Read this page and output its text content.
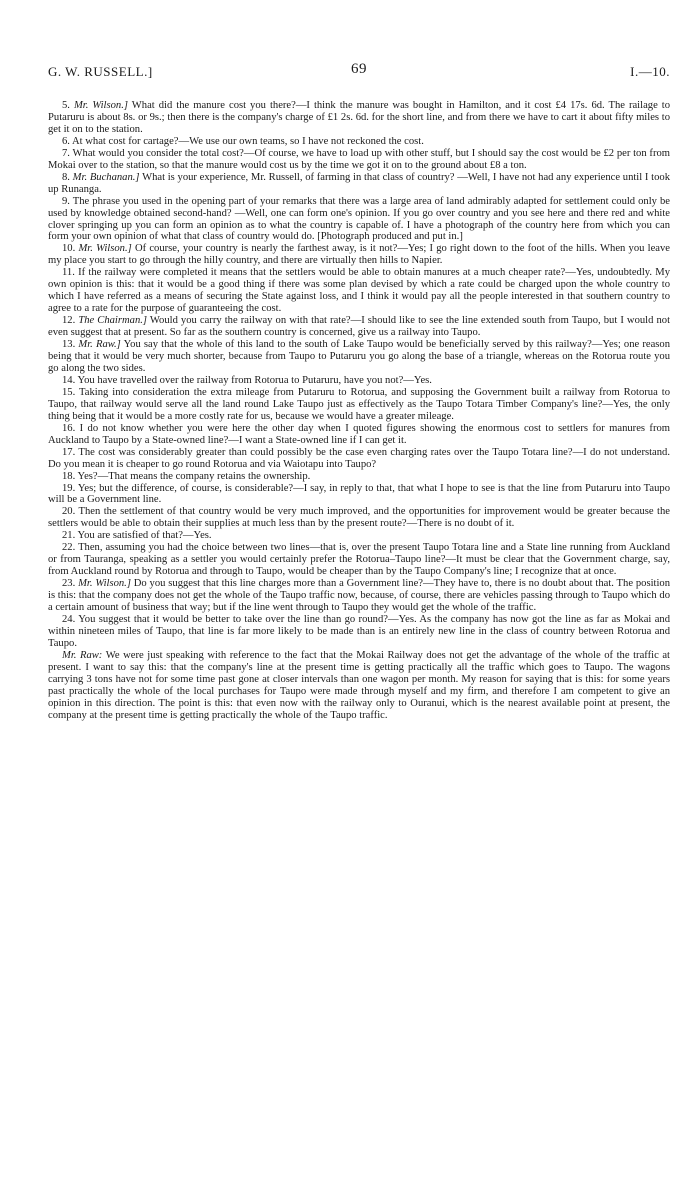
G. W. RUSSELL.]	69	I.—10.

5. Mr. Wilson.] What did the manure cost you there?—I think the manure was bought in Hamilton, and it cost £4 17s. 6d. The railage to Putaruru is about 8s. or 9s.; then there is the company's charge of £1 2s. 6d. for the short line, and from there we have to cart it about fifty miles to get it on to the station.

6. At what cost for cartage?—We use our own teams, so I have not reckoned the cost.

7. What would you consider the total cost?—Of course, we have to load up with other stuff, but I should say the cost would be £2 per ton from Mokai over to the station, so that the manure would cost us by the time we got it on to the ground about £8 a ton.

8. Mr. Buchanan.] What is your experience, Mr. Russell, of farming in that class of country? —Well, I have not had any experience until I took up Runanga.

9. The phrase you used in the opening part of your remarks that there was a large area of land admirably adapted for settlement could only be used by knowledge obtained second-hand? —Well, one can form one's opinion. If you go over country and you see here and there red and white clover springing up you can form an opinion as to what the country is capable of. I have a photograph of the country here from which you can form your own opinion of what that class of country would do. [Photograph produced and put in.]

10. Mr. Wilson.] Of course, your country is nearly the farthest away, is it not?—Yes; I go right down to the foot of the hills. When you leave my place you start to go through the hilly country, and there are virtually then hills to Napier.

11. If the railway were completed it means that the settlers would be able to obtain manures at a much cheaper rate?—Yes, undoubtedly. My own opinion is this: that it would be a good thing if there was some plan devised by which a rate could be charged upon the whole country to which I have referred as a means of securing the State against loss, and I think it would pay all the people interested in that southern country to agree to a rate for the purpose of guaranteeing the cost.

12. The Chairman.] Would you carry the railway on with that rate?—I should like to see the line extended south from Taupo, but I would not even suggest that at present. So far as the southern country is concerned, give us a railway into Taupo.

13. Mr. Raw.] You say that the whole of this land to the south of Lake Taupo would be beneficially served by this railway?—Yes; one reason being that it would be very much shorter, because from Taupo to Putaruru you go along the base of a triangle, whereas on the Rotorua route you go along the two sides.

14. You have travelled over the railway from Rotorua to Putaruru, have you not?—Yes.

15. Taking into consideration the extra mileage from Putaruru to Rotorua, and supposing the Government built a railway from Rotorua to Taupo, that railway would serve all the land round Lake Taupo just as effectively as the Taupo Totara Timber Company's line?—Yes, the only thing being that it would be a more costly rate for us, because we would have a greater mileage.

16. I do not know whether you were here the other day when I quoted figures showing the enormous cost to settlers for manures from Auckland to Taupo by a State-owned line?—I want a State-owned line if I can get it.

17. The cost was considerably greater than could possibly be the case even charging rates over the Taupo Totara line?—I do not understand. Do you mean it is cheaper to go round Rotorua and via Waiotapu into Taupo?

18. Yes?—That means the company retains the ownership.

19. Yes; but the difference, of course, is considerable?—I say, in reply to that, that what I hope to see is that the line from Putaruru into Taupo will be a Government line.

20. Then the settlement of that country would be very much improved, and the opportunities for improvement would be greater because the settlers would be able to obtain their supplies at much less than by the present route?—There is no doubt of it.

21. You are satisfied of that?—Yes.

22. Then, assuming you had the choice between two lines—that is, over the present Taupo Totara line and a State line running from Auckland or from Tauranga, speaking as a settler you would certainly prefer the Rotorua–Taupo line?—It must be clear that the Government charge, say, from Auckland round by Rotorua and through to Taupo, would be cheaper than by the Taupo Company's line; I recognize that at once.

23. Mr. Wilson.] Do you suggest that this line charges more than a Government line?—They have to, there is no doubt about that. The position is this: that the company does not get the whole of the Taupo traffic now, because, of course, there are vehicles passing through to Taupo which do a certain amount of business that way; but if the line went through to Taupo they would get the whole of the traffic.

24. You suggest that it would be better to take over the line than go round?—Yes. As the company has now got the line as far as Mokai and within nineteen miles of Taupo, that line is far more likely to be made than is an entirely new line in the class of country between Rotorua and Taupo.

Mr. Raw: We were just speaking with reference to the fact that the Mokai Railway does not get the advantage of the whole of the traffic at present. I want to say this: that the company's line at the present time is getting practically all the traffic which goes to Taupo. The wagons carrying 3 tons have not for some time past gone at closer intervals than one wagon per month. My reason for saying that is this: for some years past practically the whole of the local purchases for Taupo were made through myself and my firm, and therefore I am competent to give an opinion in this direction. The point is this: that even now with the railway only to Ouranui, which is the nearest available point at present, the company at the present time is getting practically the whole of the Taupo traffic.
